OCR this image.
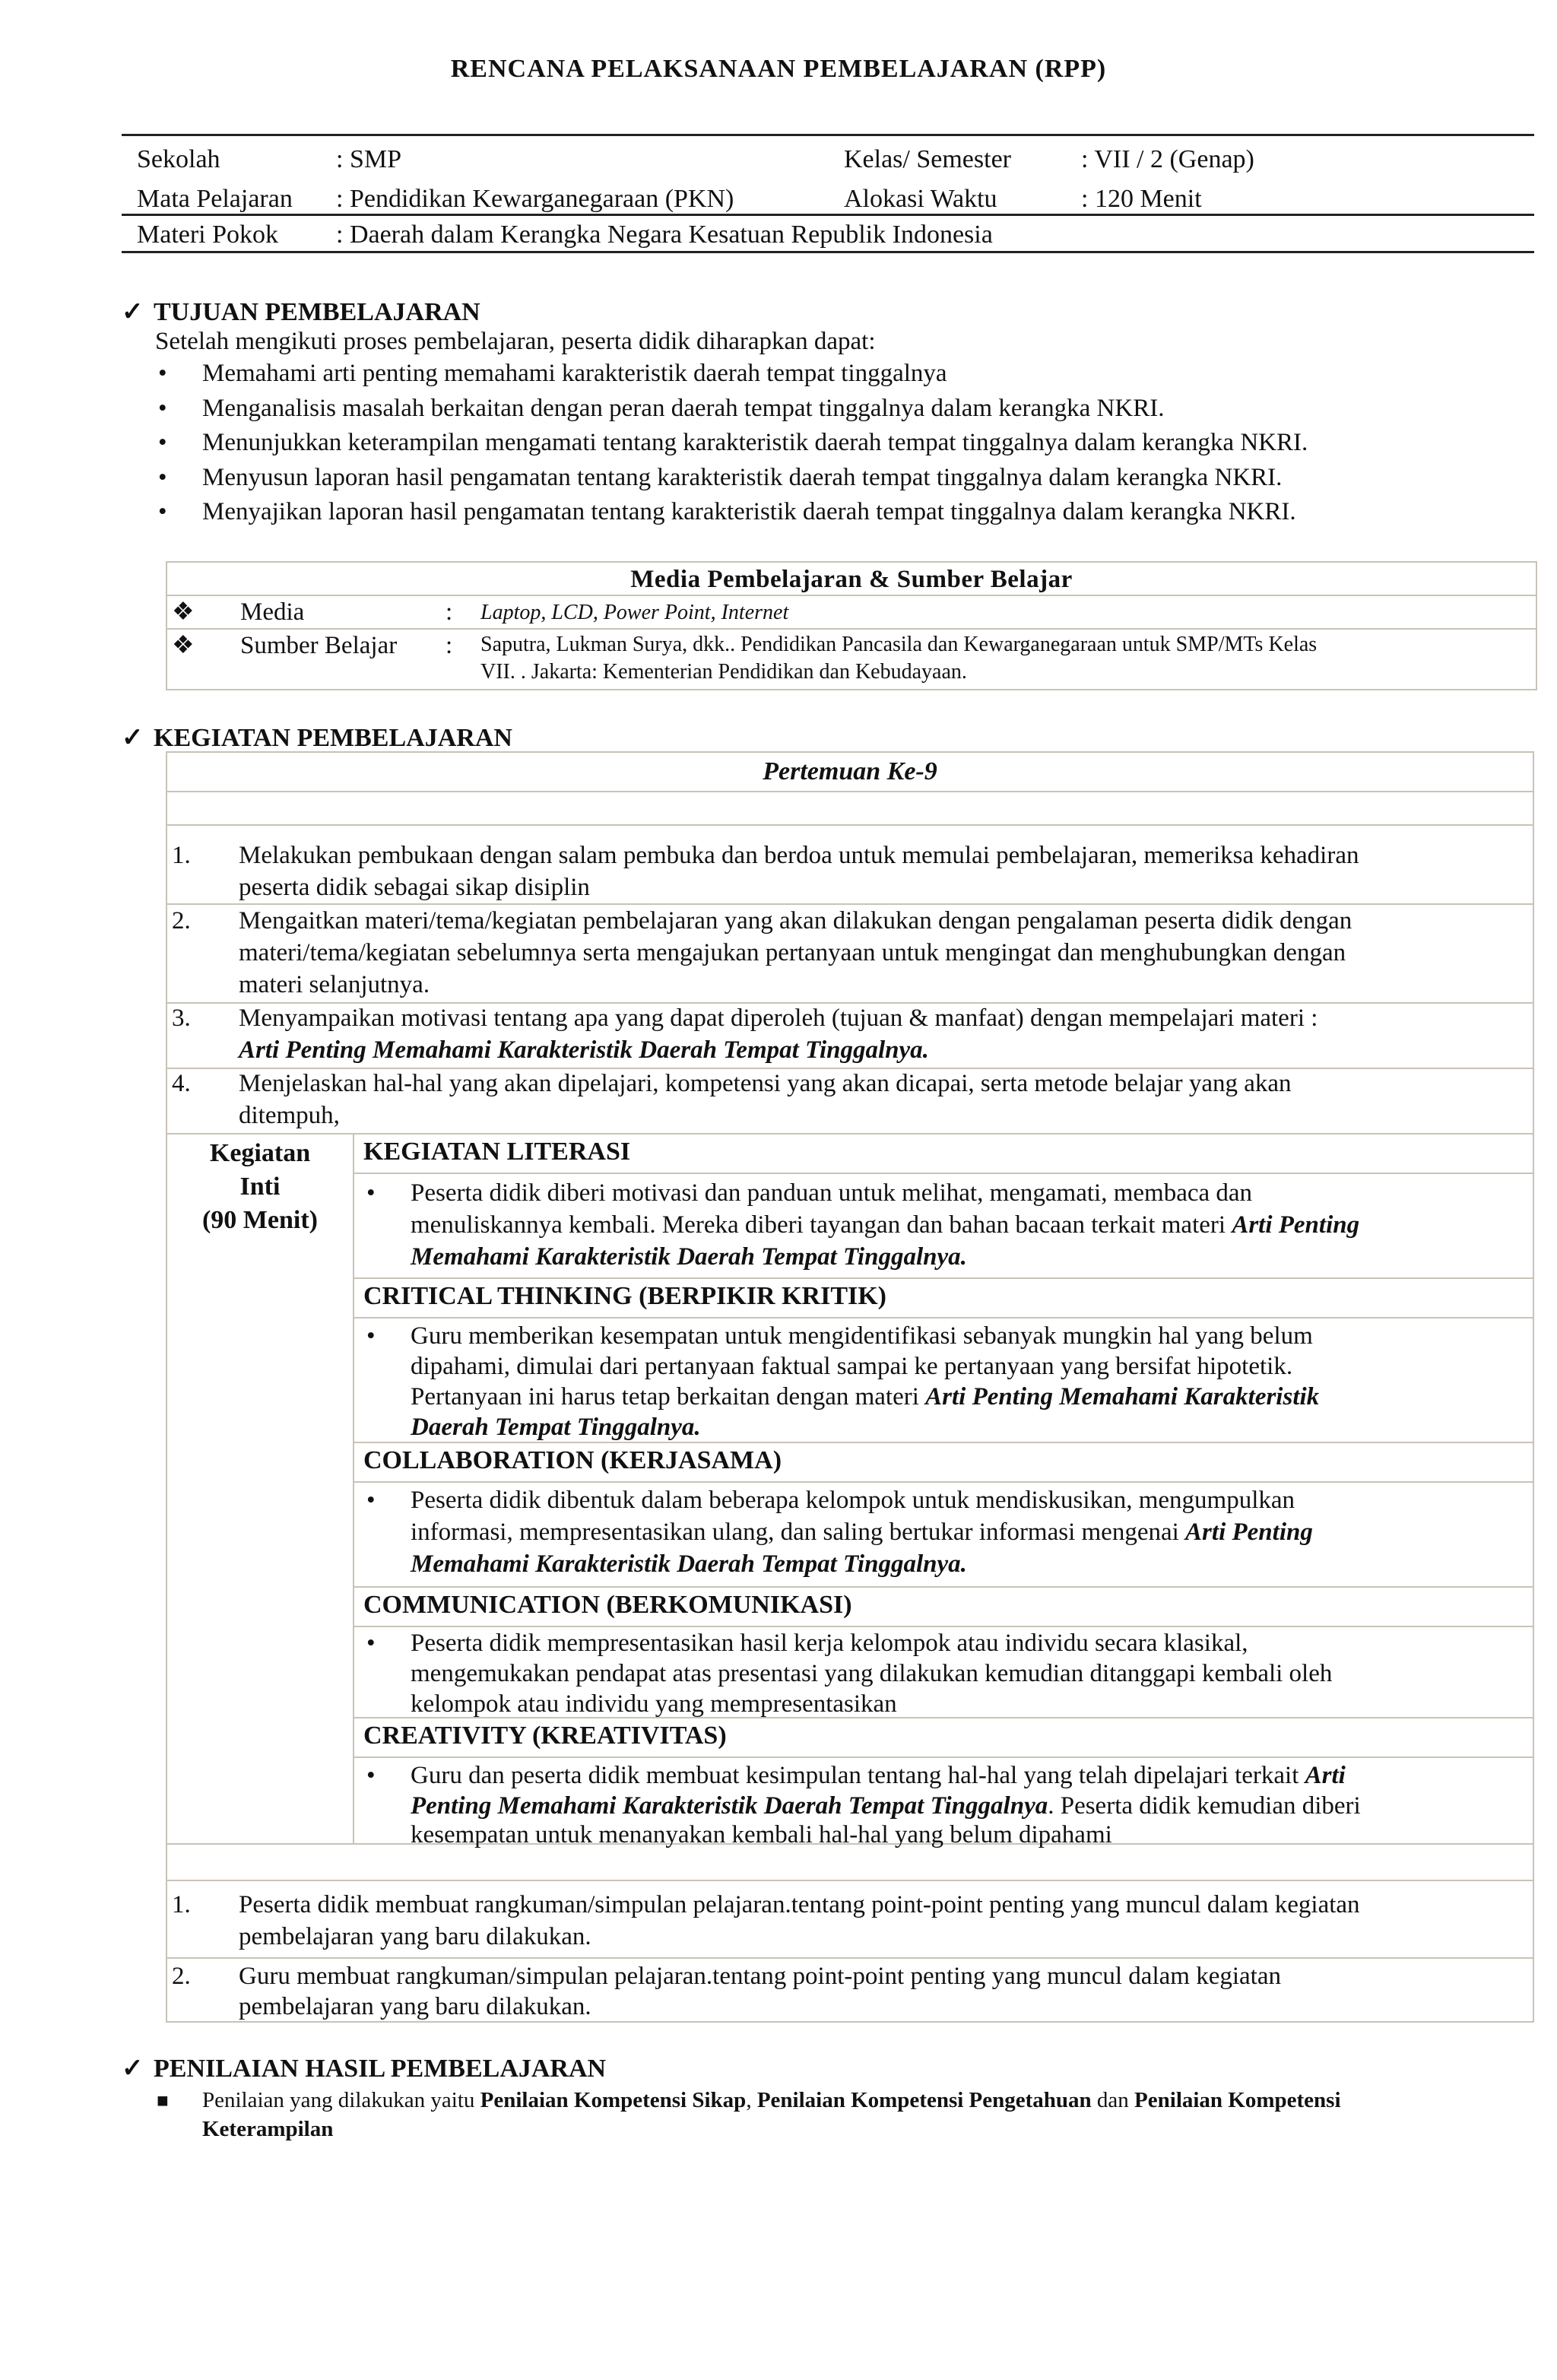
RENCANA PELAKSANAAN PEMBELAJARAN (RPP)
Sekolah	: SMP	Kelas/ Semester	: VII / 2 (Genap)
Mata Pelajaran : Pendidikan Kewarganegaraan (PKN)	Alokasi Waktu	: 120 Menit
Materi Pokok : Daerah dalam Kerangka Negara Kesatuan Republik Indonesia
✓ TUJUAN PEMBELAJARAN
Setelah mengikuti proses pembelajaran, peserta didik diharapkan dapat:
• Memahami arti penting memahami karakteristik daerah tempat tinggalnya
• Menganalisis masalah berkaitan dengan peran daerah tempat tinggalnya dalam kerangka NKRI.
• Menunjukkan keterampilan mengamati tentang karakteristik daerah tempat tinggalnya dalam kerangka NKRI.
• Menyusun laporan hasil pengamatan tentang karakteristik daerah tempat tinggalnya dalam kerangka NKRI.
• Menyajikan laporan hasil pengamatan tentang karakteristik daerah tempat tinggalnya dalam kerangka NKRI.
Media Pembelajaran & Sumber Belajar
❖ Media	: Laptop, LCD, Power Point, Internet
❖ Sumber Belajar : Saputra, Lukman Surya, dkk.. Pendidikan Pancasila dan Kewarganegaraan untuk SMP/MTs Kelas
VII. . Jakarta: Kementerian Pendidikan dan Kebudayaan.
✓ KEGIATAN PEMBELAJARAN
Pertemuan Ke-9
1. Melakukan pembukaan dengan salam pembuka dan berdoa untuk memulai pembelajaran, memeriksa kehadiran
peserta didik sebagai sikap disiplin
2. Mengaitkan materi/tema/kegiatan pembelajaran yang akan dilakukan dengan pengalaman peserta didik dengan
materi/tema/kegiatan sebelumnya serta mengajukan pertanyaan untuk mengingat dan menghubungkan dengan
materi selanjutnya.
3. Menyampaikan motivasi tentang apa yang dapat diperoleh (tujuan & manfaat) dengan mempelajari materi :
Arti Penting Memahami Karakteristik Daerah Tempat Tinggalnya.
4. Menjelaskan hal-hal yang akan dipelajari, kompetensi yang akan dicapai, serta metode belajar yang akan
ditempuh,
Kegiatan
Inti
(90 Menit)
KEGIATAN LITERASI
• Peserta didik diberi motivasi dan panduan untuk melihat, mengamati, membaca dan
menuliskannya kembali. Mereka diberi tayangan dan bahan bacaan terkait materi Arti Penting
Memahami Karakteristik Daerah Tempat Tinggalnya.
CRITICAL THINKING (BERPIKIR KRITIK)
• Guru memberikan kesempatan untuk mengidentifikasi sebanyak mungkin hal yang belum
dipahami, dimulai dari pertanyaan faktual sampai ke pertanyaan yang bersifat hipotetik.
Pertanyaan ini harus tetap berkaitan dengan materi Arti Penting Memahami Karakteristik
Daerah Tempat Tinggalnya.
COLLABORATION (KERJASAMA)
• Peserta didik dibentuk dalam beberapa kelompok untuk mendiskusikan, mengumpulkan
informasi, mempresentasikan ulang, dan saling bertukar informasi mengenai Arti Penting
Memahami Karakteristik Daerah Tempat Tinggalnya.
COMMUNICATION (BERKOMUNIKASI)
• Peserta didik mempresentasikan hasil kerja kelompok atau individu secara klasikal,
mengemukakan pendapat atas presentasi yang dilakukan kemudian ditanggapi kembali oleh
kelompok atau individu yang mempresentasikan
CREATIVITY (KREATIVITAS)
• Guru dan peserta didik membuat kesimpulan tentang hal-hal yang telah dipelajari terkait Arti
Penting Memahami Karakteristik Daerah Tempat Tinggalnya. Peserta didik kemudian diberi
kesempatan untuk menanyakan kembali hal-hal yang belum dipahami
1. Peserta didik membuat rangkuman/simpulan pelajaran.tentang point-point penting yang muncul dalam kegiatan
pembelajaran yang baru dilakukan.
2. Guru membuat rangkuman/simpulan pelajaran.tentang point-point penting yang muncul dalam kegiatan
pembelajaran yang baru dilakukan.
✓ PENILAIAN HASIL PEMBELAJARAN
■ Penilaian yang dilakukan yaitu Penilaian Kompetensi Sikap, Penilaian Kompetensi Pengetahuan dan Penilaian Kompetensi
Keterampilan
